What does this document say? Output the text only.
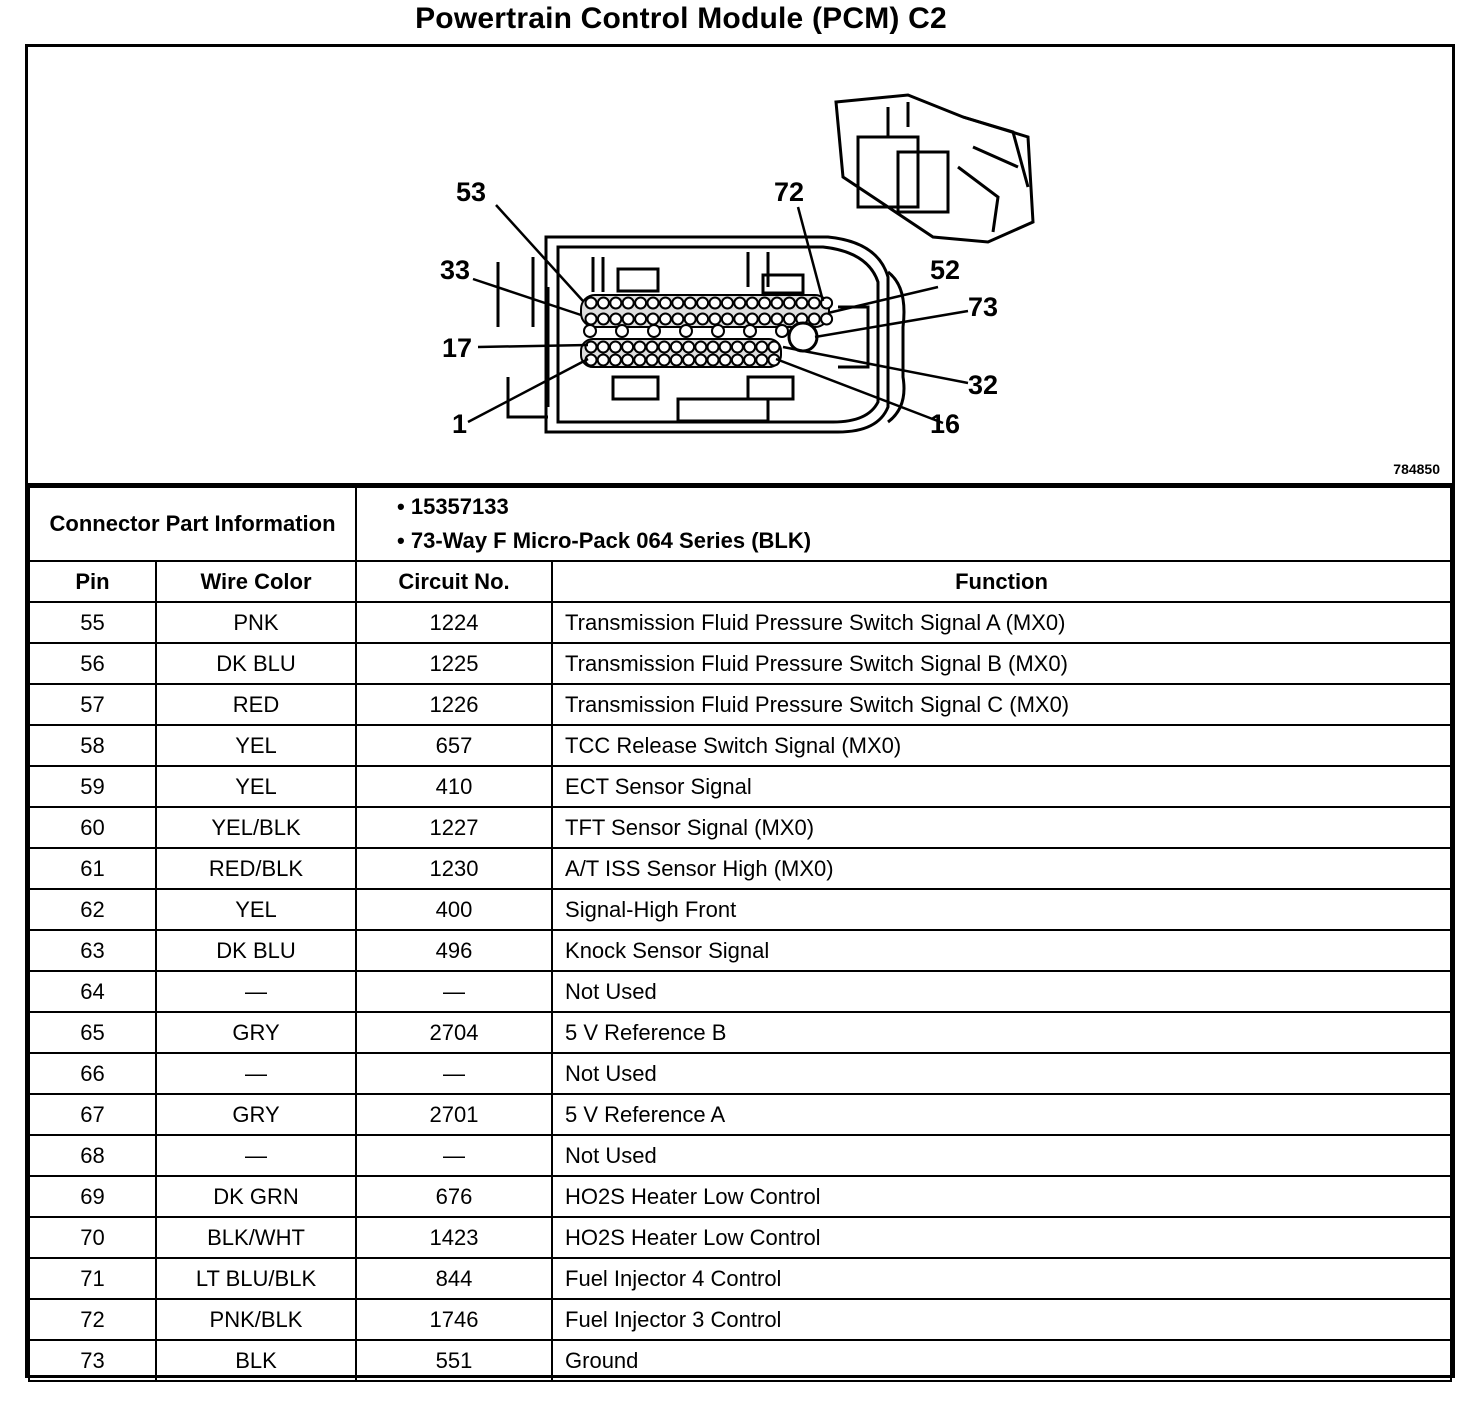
Powertrain Control Module (PCM) C2
53	72
33	52
73
17
32
1	16
784850
Connector Part Information		• 15357133
• 73-Way F Micro-Pack 064 Series (BLK)	

Pin	Wire Color	Circuit No.	Function
55	PNK	1224	Transmission Fluid Pressure Switch Signal A (MX0)
56	DK BLU	1225	Transmission Fluid Pressure Switch Signal B (MX0)
57	RED	1226	Transmission Fluid Pressure Switch Signal C (MX0)
58	YEL	657	TCC Release Switch Signal (MX0)
59	YEL	410	ECT Sensor Signal
60	YEL/BLK	1227	TFT Sensor Signal (MX0)
61	RED/BLK	1230	A/T ISS Sensor High (MX0)
62	YEL	400	Signal-High Front
63	DK BLU	496	Knock Sensor Signal
64	—	—	Not Used
65	GRY	2704	5 V Reference B
66	—	—	Not Used
67	GRY	2701	5 V Reference A
68	—	—	Not Used
69	DK GRN	676	HO2S Heater Low Control
70	BLK/WHT	1423	HO2S Heater Low Control
71	LT BLU/BLK	844	Fuel Injector 4 Control
72	PNK/BLK	1746	Fuel Injector 3 Control
73	BLK	551	Ground
